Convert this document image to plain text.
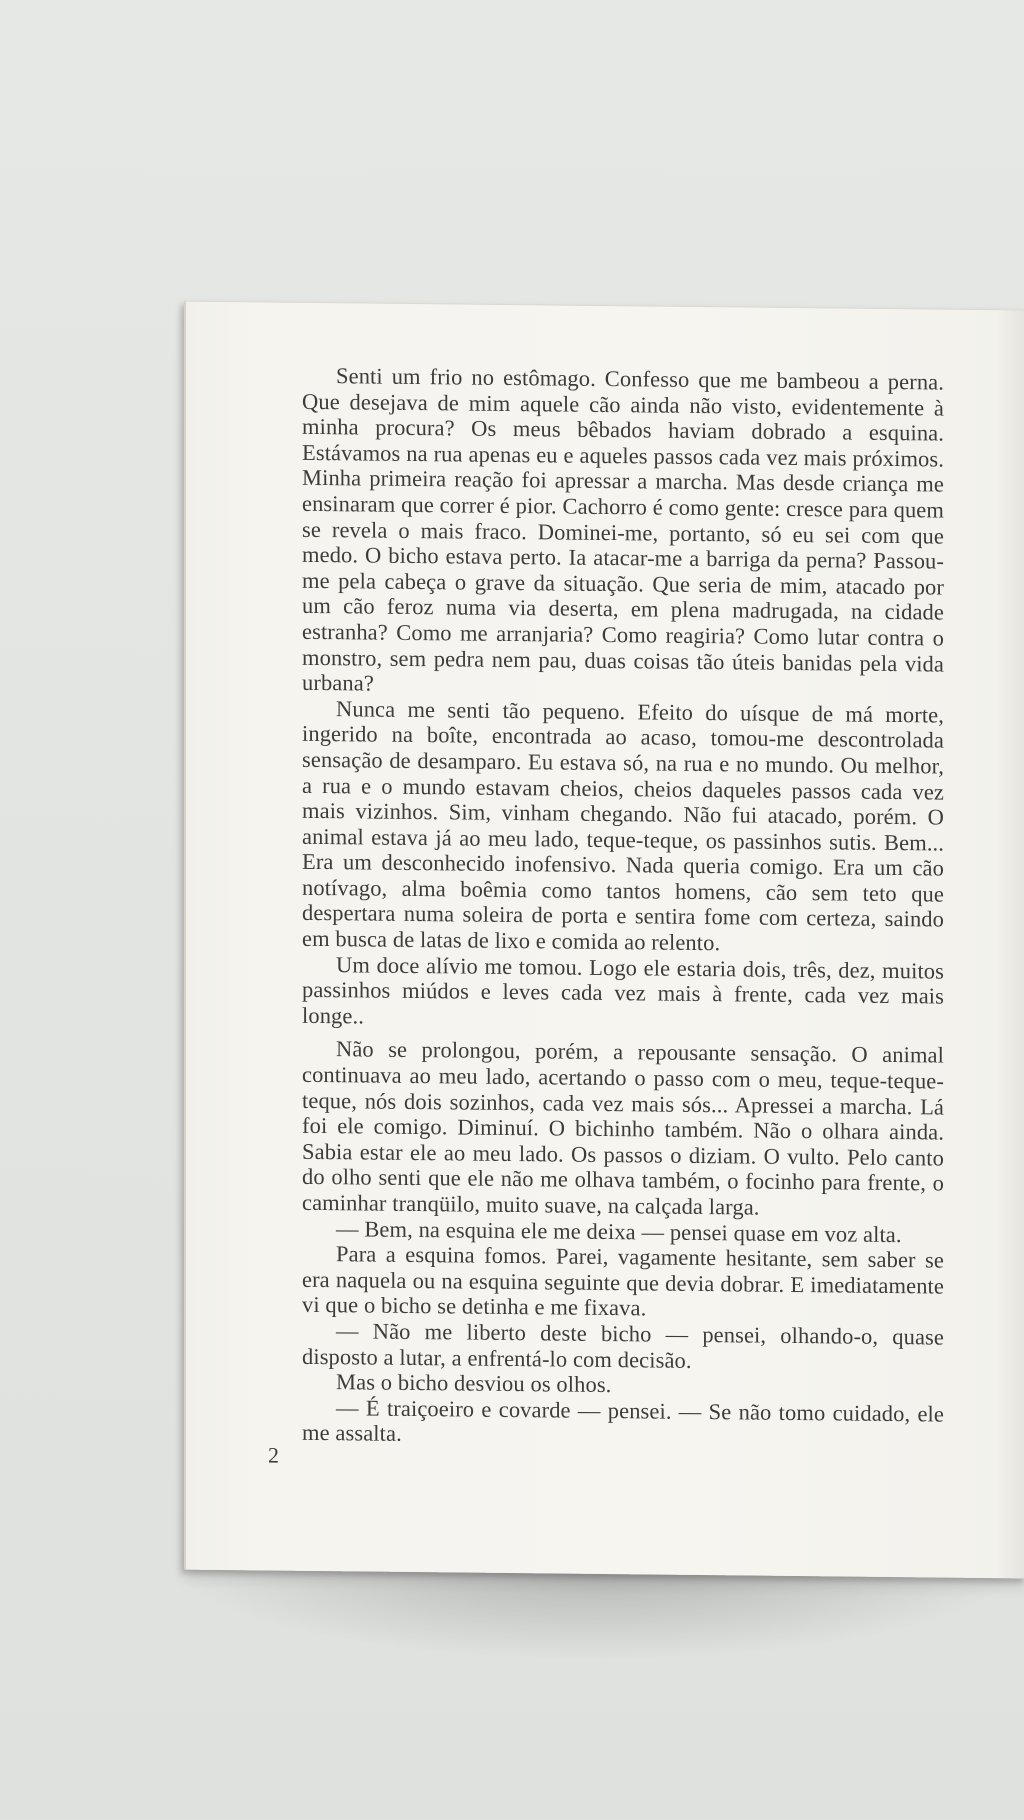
Senti um frio no estômago. Confesso que me bambeou a perna. Que desejava de mim aquele cão ainda não visto, evidentemente à minha procura? Os meus bêbados haviam dobrado a esquina. Estávamos na rua apenas eu e aqueles passos cada vez mais próximos. Minha primeira reação foi apressar a marcha. Mas desde criança me ensinaram que correr é pior. Cachorro é como gente: cresce para quem se revela o mais fraco. Dominei-me, portanto, só eu sei com que medo. O bicho estava perto. Ia atacar-me a barriga da perna? Passou-me pela cabeça o grave da situação. Que seria de mim, atacado por um cão feroz numa via deserta, em plena madrugada, na cidade estranha? Como me arranjaria? Como reagiria? Como lutar contra o monstro, sem pedra nem pau, duas coisas tão úteis banidas pela vida urbana?

Nunca me senti tão pequeno. Efeito do uísque de má morte, ingerido na boîte, encontrada ao acaso, tomou-me descontrolada sensação de desamparo. Eu estava só, na rua e no mundo. Ou melhor, a rua e o mundo estavam cheios, cheios daqueles passos cada vez mais vizinhos. Sim, vinham chegando. Não fui atacado, porém. O animal estava já ao meu lado, teque-teque, os passinhos sutis. Bem... Era um desconhecido inofensivo. Nada queria comigo. Era um cão notívago, alma boêmia como tantos homens, cão sem teto que despertara numa soleira de porta e sentira fome com certeza, saindo em busca de latas de lixo e comida ao relento.

Um doce alívio me tomou. Logo ele estaria dois, três, dez, muitos passinhos miúdos e leves cada vez mais à frente, cada vez mais longe..

Não se prolongou, porém, a repousante sensação. O animal continuava ao meu lado, acertando o passo com o meu, teque-teque-teque, nós dois sozinhos, cada vez mais sós... Apressei a marcha. Lá foi ele comigo. Diminuí. O bichinho também. Não o olhara ainda. Sabia estar ele ao meu lado. Os passos o diziam. O vulto. Pelo canto do olho senti que ele não me olhava também, o focinho para frente, o caminhar tranqüilo, muito suave, na calçada larga.

— Bem, na esquina ele me deixa — pensei quase em voz alta.

Para a esquina fomos. Parei, vagamente hesitante, sem saber se era naquela ou na esquina seguinte que devia dobrar. E imediatamente vi que o bicho se detinha e me fixava.

— Não me liberto deste bicho — pensei, olhando-o, quase disposto a lutar, a enfrentá-lo com decisão.

Mas o bicho desviou os olhos.

— É traiçoeiro e covarde — pensei. — Se não tomo cuidado, ele me assalta.

2
